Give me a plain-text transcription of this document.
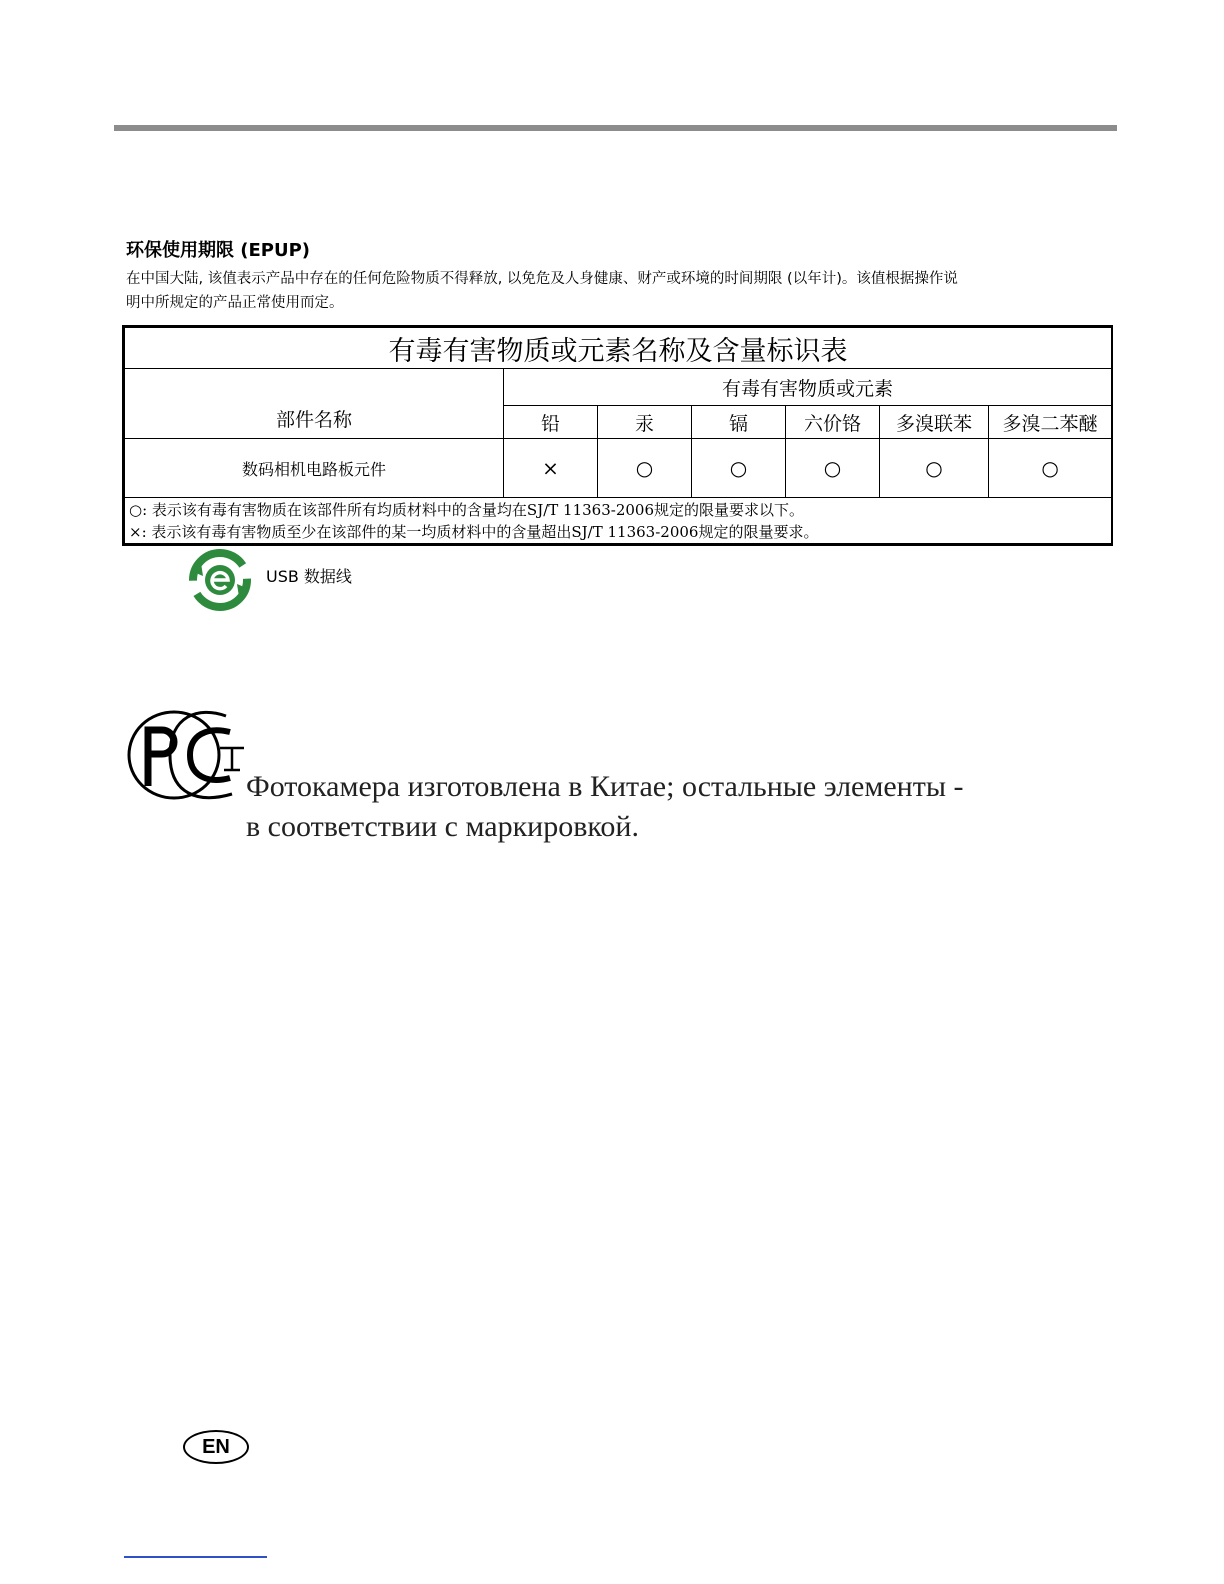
环保使用期限 (EPUP)
在中国大陆, 该值表示产品中存在的任何危险物质不得释放, 以免危及人身健康、财产或环境的时间期限 (以年计)。该值根据操作说
明中所规定的产品正常使用而定。
有毒有害物质或元素名称及含量标识表						
部件名称	有毒有害物质或元素					
	铅	汞	镉	六价铬	多溴联苯	多溴二苯醚
数码相机电路板元件	×	○	○	○	○	○

○: 表示该有毒有害物质在该部件所有均质材料中的含量均在SJ/T 11363-2006规定的限量要求以下。
×: 表示该有毒有害物质至少在该部件的某一均质材料中的含量超出SJ/T 11363-2006规定的限量要求。						
USB 数据线
Фотокамера изготовлена в Китае; остальные элементы -
в соответствии с маркировкой.
EN
